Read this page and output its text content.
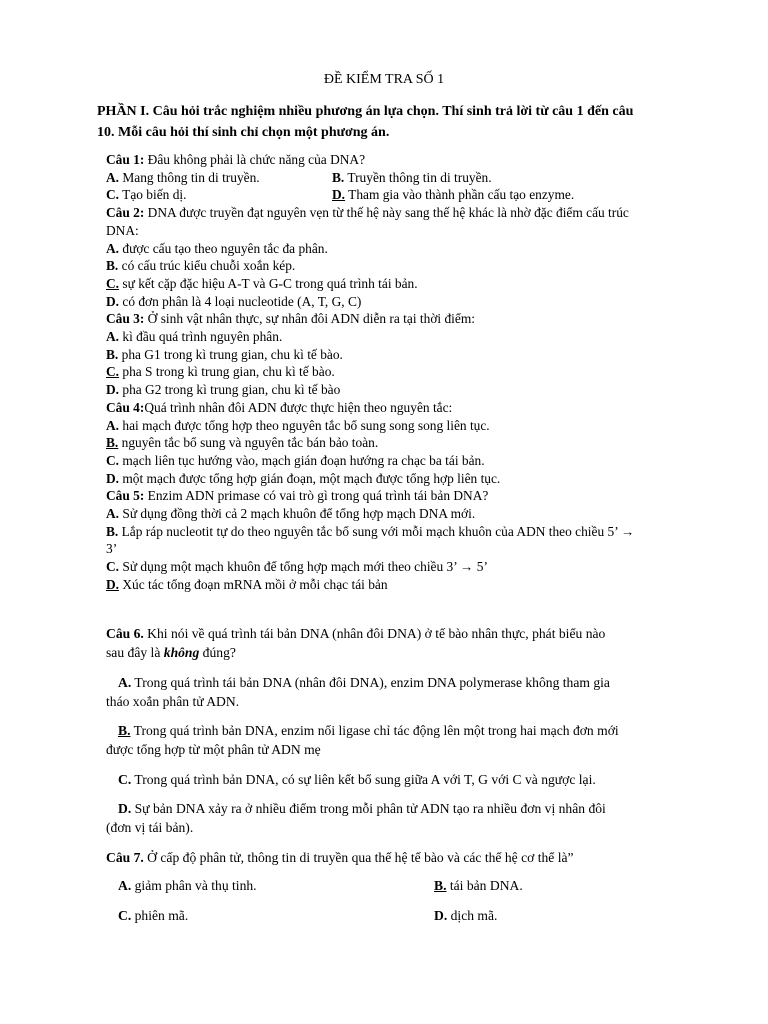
ĐỀ KIỂM TRA SỐ 1
PHẦN I. Câu hỏi trắc nghiệm nhiều phương án lựa chọn. Thí sinh trả lời từ câu 1 đến câu
10. Mỗi câu hỏi thí sinh chỉ chọn một phương án.
Câu 1: Đâu không phải là chức năng của DNA?
A. Mang thông tin di truyền.	B. Truyền thông tin di truyền.
C. Tạo biến dị.	D. Tham gia vào thành phần cấu tạo enzyme.
Câu 2: DNA được truyền đạt nguyên vẹn từ thế hệ này sang thế hệ khác là nhờ đặc điểm cấu trúc
DNA:
A. được cấu tạo theo nguyên tắc đa phân.
B. có cấu trúc kiểu chuỗi xoắn kép.
C. sự kết cặp đặc hiệu A-T và G-C trong quá trình tái bản.
D. có đơn phân là 4 loại nucleotide (A, T, G, C)
Câu 3: Ở sinh vật nhân thực, sự nhân đôi ADN diễn ra tại thời điểm:
A. kì đầu quá trình nguyên phân.
B. pha G1 trong kì trung gian, chu kì tế bào.
C. pha S trong kì trung gian, chu kì tế bào.
D. pha G2 trong kì trung gian, chu kì tế bào
Câu 4:Quá trình nhân đôi ADN được thực hiện theo nguyên tắc:
A. hai mạch được tổng hợp theo nguyên tắc bổ sung song song liên tục.
B. nguyên tắc bổ sung và nguyên tắc bán bảo toàn.
C. mạch liên tục hướng vào, mạch gián đoạn hướng ra chạc ba tái bản.
D. một mạch được tổng hợp gián đoạn, một mạch được tổng hợp liên tục.
Câu 5: Enzim ADN primase có vai trò gì trong quá trình tái bản DNA?
A. Sử dụng đồng thời cả 2 mạch khuôn để tổng hợp mạch DNA mới.
B. Lắp ráp nucleotit tự do theo nguyên tắc bổ sung với mỗi mạch khuôn của ADN theo chiều 5’ →
3’
C. Sử dụng một mạch khuôn để tổng hợp mạch mới theo chiều 3’ → 5’
D. Xúc tác tổng đoạn mRNA mồi ở mỗi chạc tái bản
Câu 6. Khi nói về quá trình tái bản DNA (nhân đôi DNA) ở tế bào nhân thực, phát biểu nào
sau đây là không đúng?
A. Trong quá trình tái bản DNA (nhân đôi DNA), enzim DNA polymerase không tham gia
tháo xoắn phân tử ADN.
B. Trong quá trình bản DNA, enzim nối ligase chỉ tác động lên một trong hai mạch đơn mới
được tổng hợp từ một phân tử ADN mẹ
C. Trong quá trình bản DNA, có sự liên kết bổ sung giữa A với T, G với C và ngược lại.
D. Sự bản DNA xảy ra ở nhiều điểm trong mỗi phân tử ADN tạo ra nhiều đơn vị nhân đôi
(đơn vị tái bản).
Câu 7. Ở cấp độ phân tử, thông tin di truyền qua thế hệ tế bào và các thế hệ cơ thể là”
A. giảm phân và thụ tinh.	B. tái bản DNA.
C. phiên mã.	D. dịch mã.
